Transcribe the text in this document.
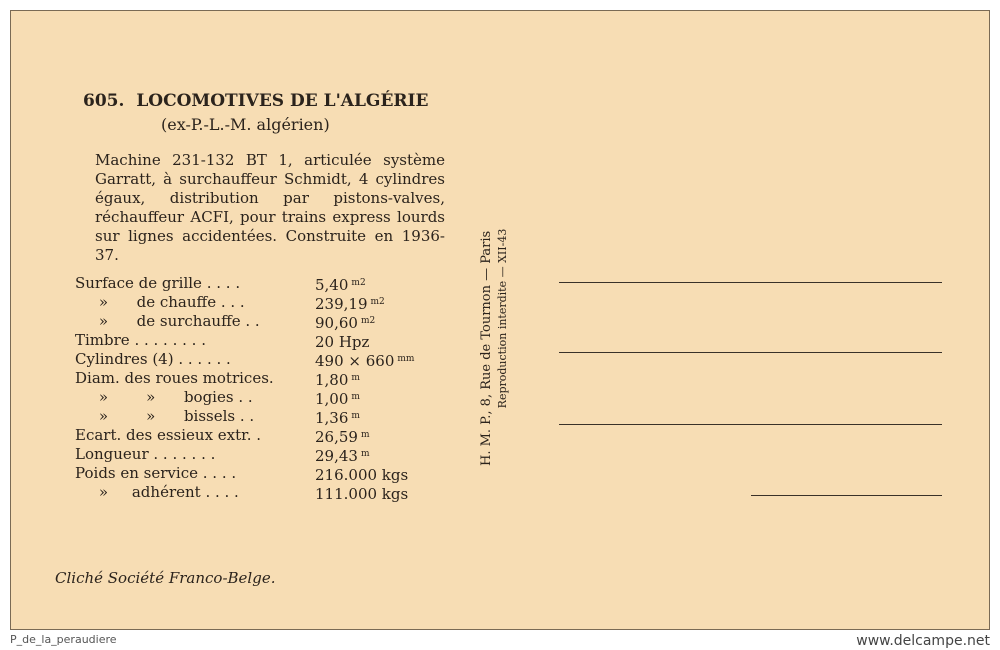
605. LOCOMOTIVES DE L'ALGÉRIE
(ex-P.-L.-M. algérien)

Machine 231-132 BT 1, articulée système Garratt, à surchauffeur Schmidt, 4 cylindres égaux, distribution par pistons-valves, réchauffeur ACFI, pour trains express lourds sur lignes accidentées. Construite en 1936-37.

Surface de grille . . . .	5,40 $^{m2}$
»      de chauffe . . .	239,19 $^{m2}$
»      de surchauffe . .	90,60 $^{m2}$
Timbre . . . . . . . .	20 Hpz
Cylindres (4) . . . . . .	490 × 660 $^{mm}$
Diam. des roues motrices.	1,80 $^m$
»        »      bogies . .	1,00 $^m$
»        »      bissels . .	1,36 $^m$
Ecart. des essieux extr. .	26,59 $^m$
Longueur . . . . . . .	29,43 $^m$
Poids en service . . . .	216.000 kgs
»     adhérent . . . .	111.000 kgs
Cliché Société Franco-Belge.
H. M. P., 8, Rue de Tournon — Paris Reproduction interdite — XII-43
P_de_la_peraudiere	www.delcampe.net
